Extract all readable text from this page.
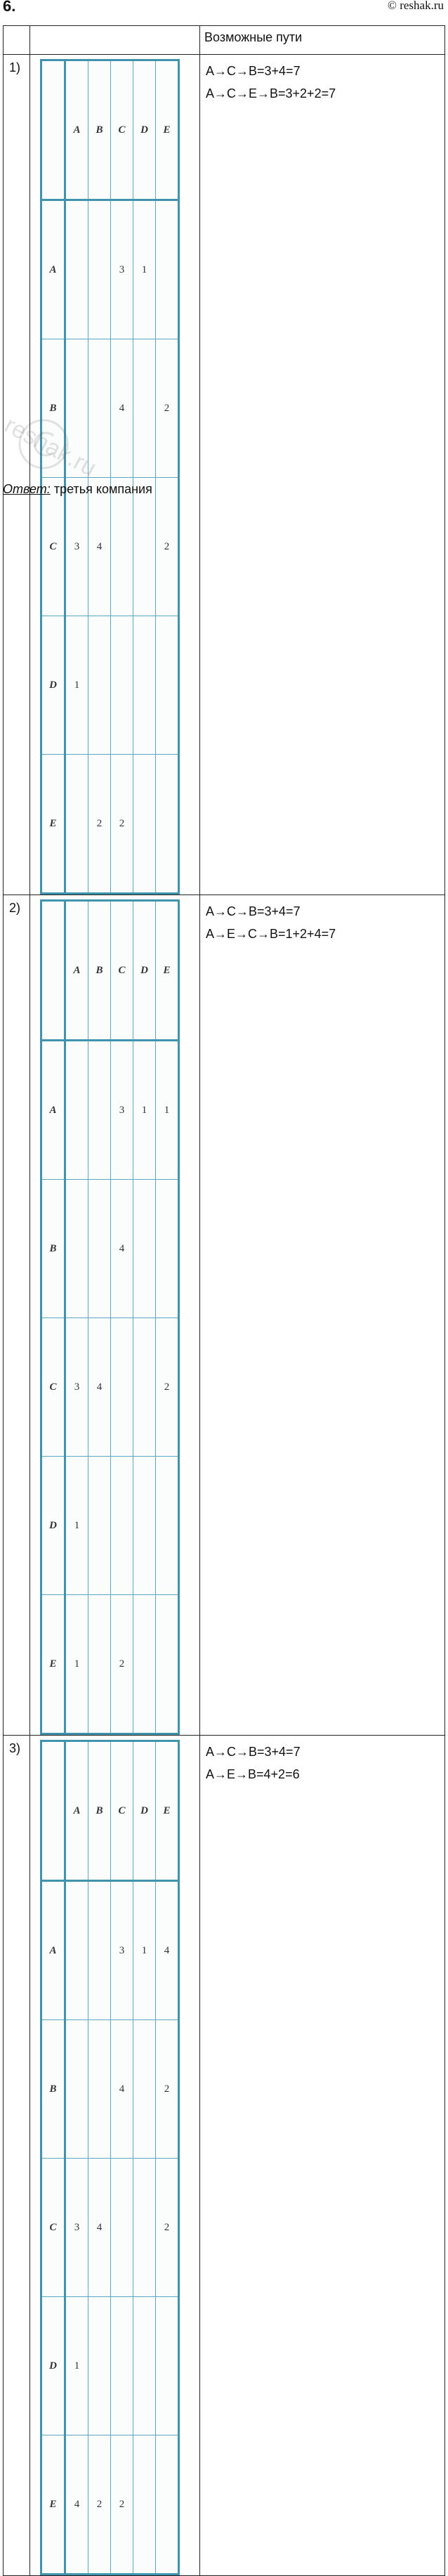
6.	© reshak.ru
		Возможные пути
1)	
	A	B	C	D	E
A			3	1	
B			4		2
C	3	4			2
D	1				
E		2	2		

A→C→B=3+4=7
A→C→E→B=3+2+2=7

2)	
	A	B	C	D	E
A			3	1	1
B			4		
C	3	4			2
D	1				
E	1		2		

A→C→B=3+4=7
A→E→C→B=1+2+4=7

3)	
	A	B	C	D	E
A			3	1	4
B			4		2
C	3	4			2
D	1				
E	4	2	2		

A→C→B=3+4=7
A→E→B=4+2=6
Ответ: третья компания
reshak.ru
